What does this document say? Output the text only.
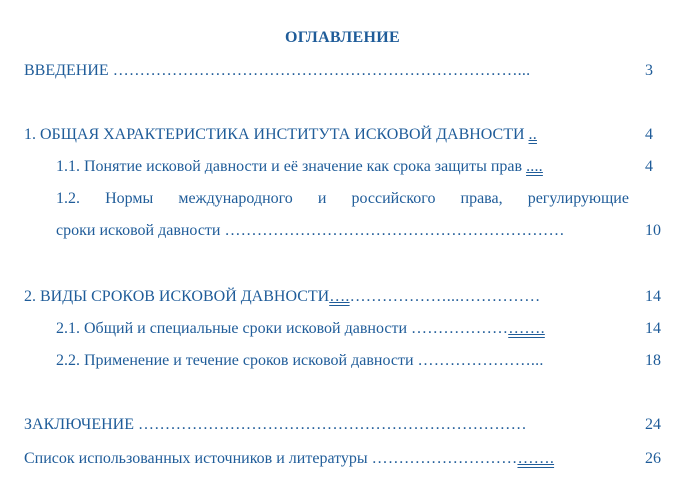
ОГЛАВЛЕНИЕ
ВВЕДЕНИЕ …………………………………………………………………...	3
1. ОБЩАЯ ХАРАКТЕРИСТИКА ИНСТИТУТА ИСКОВОЙ ДАВНОСТИ ..	4
1.1. Понятие исковой давности и её значение как срока защиты прав ....	4
1.2. Нормы международного и российского права, регулирующие
сроки исковой давности ………………………………………………………	10
2. ВИДЫ СРОКОВ ИСКОВОЙ ДАВНОСТИ….………………...……………	14
2.1. Общий и специальные сроки исковой давности …………………….	14
2.2. Применение и течение сроков исковой давности …………………...	18
ЗАКЛЮЧЕНИЕ ………………………………………………………………	24
Список использованных источников и литературы …………………………….	26
